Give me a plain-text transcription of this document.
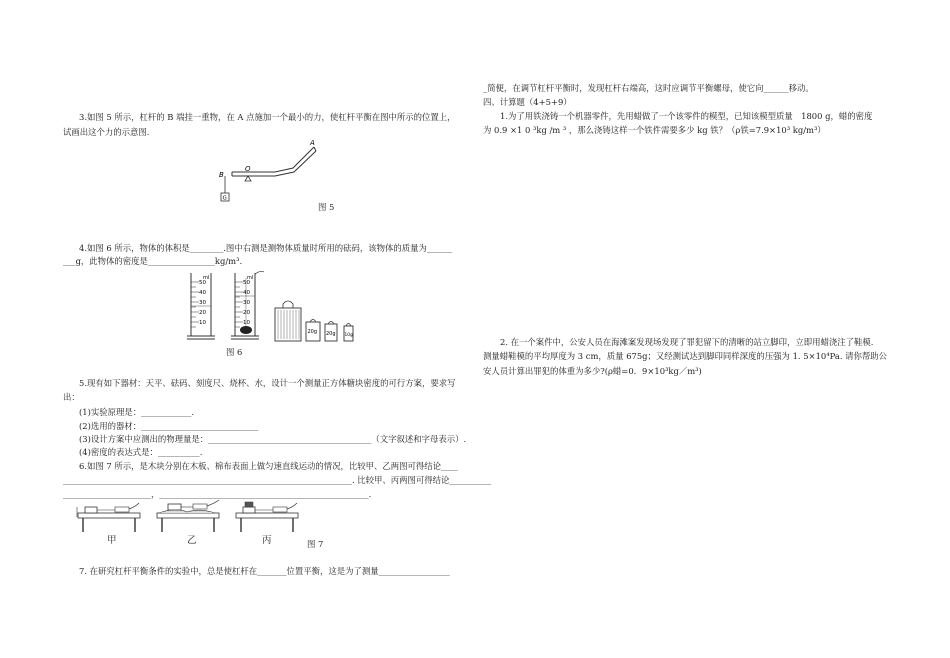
3.如图 5 所示，杠杆的 B 端挂一重物，在 A 点施加一个最小的力，使杠杆平衡在图中所示的位置上，
试画出这个力的示意图.
B
O
A
G
图 5
4.如图 6 所示，物体的体积是________.图中右测是测物体质量时所用的砝码，该物体的质量为______
___g，此物体的密度是________________kg/m³.
ml
50
40
30
20
10
ml
50
40
30
20
10
20g 20g 10g
图 6
5.现有如下器材：天平、砝码、刻度尺、烧杯、水，设计一个测量正方体糖块密度的可行方案，要求写
出：
(1)实验原理是：____________.
(2)选用的器材：____________________________
(3)设计方案中应测出的物理量是：_______________________________________（文字叙述和字母表示）.
(4)密度的表达式是：__________.
6.如图 7 所示，是木块分别在木板、棉布表面上做匀速直线运动的情况，比较甲、乙两图可得结论____
_____________________________________________________________________. 比较甲、丙两图可得结论__________
_____________________，__________________________________________________.
甲	乙	丙	图 7
7. 在研究杠杆平衡条件的实验中，总是使杠杆在_______位置平衡，这是为了测量_________________
_简便，在调节杠杆平衡时，发现杠杆右端高，这时应调节平衡螺母，使它向______移动。
四、计算题（4+5+9）
1.为了用铁浇铸一个机器零件，先用蜡做了一个该零件的模型，已知该模型质量　1800 g，蜡的密度
为 0.9 ×1 0 ³kg /m ³ ，那么浇铸这样一个铁件需要多少 kg 铁？（ρ铁=7.9×10³ kg/m³）
2. 在一个案件中，公安人员在海滩案发现场发现了罪犯留下的清晰的站立脚印，立即用蜡浇注了鞋模.
测量蜡鞋模的平均厚度为 3 cm，质量 675g；又经测试达到脚印同样深度的压强为 1. 5×10⁴Pa. 请你帮助公
安人员计算出罪犯的体重为多少?(ρ蜡=0．9×10³kg／m³)
